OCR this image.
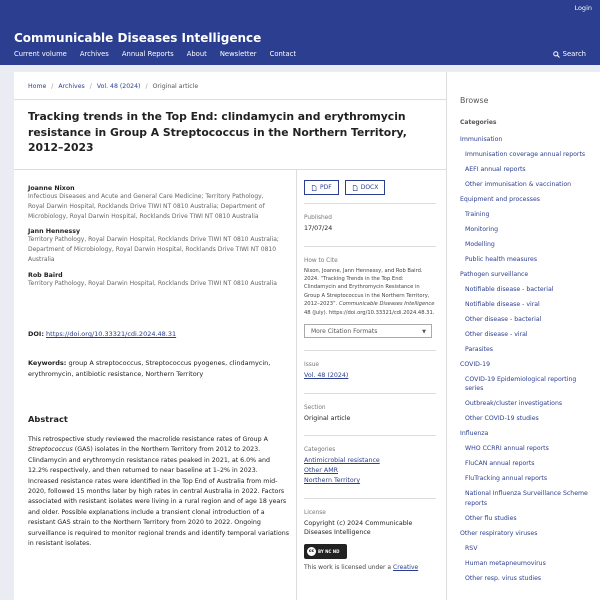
Login
Communicable Diseases Intelligence
Current volume Archives Annual Reports About Newsletter Contact	Search
Home / Archives / Vol. 48 (2024) / Original article
Tracking trends in the Top End: clindamycin and erythromycin resistance in Group A Streptococcus in the Northern Territory, 2012–2023
Joanne Nixon
Infectious Diseases and Acute and General Care Medicine; Territory Pathology, Royal Darwin Hospital, Rocklands Drive TIWI NT 0810 Australia; Department of Microbiology, Royal Darwin Hospital, Rocklands Drive TIWI NT 0810 Australia
Jann Hennessy
Territory Pathology, Royal Darwin Hospital, Rocklands Drive TIWI NT 0810 Australia; Department of Microbiology, Royal Darwin Hospital, Rocklands Drive TIWI NT 0810 Australia
Rob Baird
Territory Pathology, Royal Darwin Hospital, Rocklands Drive TIWI NT 0810 Australia
DOI: https://doi.org/10.33321/cdi.2024.48.31
Keywords: group A streptococcus, Streptococcus pyogenes, clindamycin, erythromycin, antibiotic resistance, Northern Territory
Abstract

This retrospective study reviewed the macrolide resistance rates of Group A Streptococcus (GAS) isolates in the Northern Territory from 2012 to 2023. Clindamycin and erythromycin resistance rates peaked in 2021, at 6.0% and 12.2% respectively, and then returned to near baseline at 1–2% in 2023. Increased resistance rates were identified in the Top End of Australia from mid-2020, followed 15 months later by high rates in central Australia in 2022. Factors associated with resistant isolates were living in a rural region and of age 18 years and older. Possible explanations include a transient clonal introduction of a resistant GAS strain to the Northern Territory from 2020 to 2022. Ongoing surveillance is required to monitor regional trends and identify temporal variations in resistant isolates.

PDF	DOCX
Published
17/07/24
How to Cite
Nixon, Joanne, Jann Hennessy, and Rob Baird. 2024. “Tracking Trends in the Top End: Clindamycin and Erythromycin Resistance in Group A Streptococcus in the Northern Territory, 2012–2023”. Communicable Diseases Intelligence 48 (July). https://doi.org/10.33321/cdi.2024.48.31.
More Citation Formats	▼
Issue
Vol. 48 (2024)
Section
Original article
Categories
Antimicrobial resistance
Other AMR
Northern Territory
License
Copyright (c) 2024 Communicable Diseases Intelligence
cc BY NC ND
This work is licensed under a Creative
Browse
Categories
Immunisation
Immunisation coverage annual reports
AEFI annual reports
Other immunisation & vaccination
Equipment and processes
Training
Monitoring
Modelling
Public health measures
Pathogen surveillance
Notifiable disease - bacterial
Notifiable disease - viral
Other disease - bacterial
Other disease - viral
Parasites
COVID-19
COVID-19 Epidemiological reporting series
Outbreak/cluster investigations
Other COVID-19 studies
Influenza
WHO CCRRI annual reports
FluCAN annual reports
FluTracking annual reports
National Influenza Surveillance Scheme reports
Other flu studies
Other respiratory viruses
RSV
Human metapneumovirus
Other resp. virus studies
